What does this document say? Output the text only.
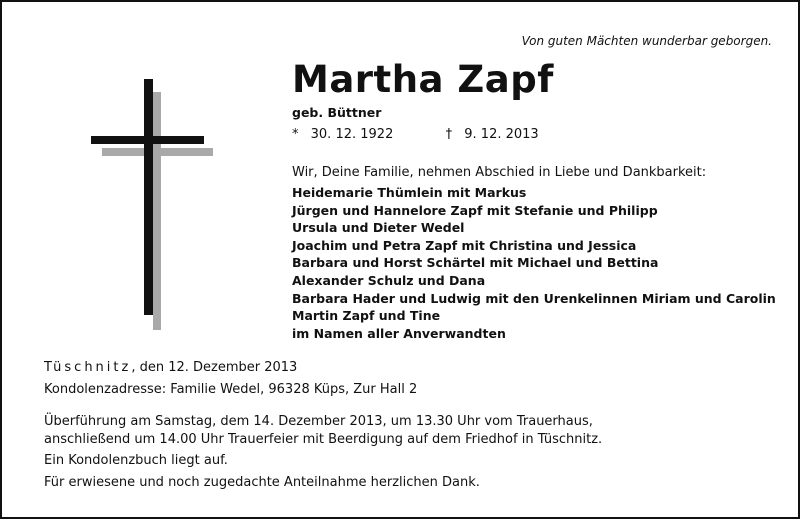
Von guten Mächten wunderbar geborgen.
Martha Zapf
geb. Büttner
* 30. 12. 1922	† 9. 12. 2013
Wir, Deine Familie, nehmen Abschied in Liebe und Dankbarkeit:
Heidemarie Thümlein mit Markus
Jürgen und Hannelore Zapf mit Stefanie und Philipp
Ursula und Dieter Wedel
Joachim und Petra Zapf mit Christina und Jessica
Barbara und Horst Schärtel mit Michael und Bettina
Alexander Schulz und Dana
Barbara Hader und Ludwig mit den Urenkelinnen Miriam und Carolin
Martin Zapf und Tine
im Namen aller Anverwandten
Tüschnitz, den 12. Dezember 2013
Kondolenzadresse: Familie Wedel, 96328 Küps, Zur Hall 2
Überführung am Samstag, dem 14. Dezember 2013, um 13.30 Uhr vom Trauerhaus,
anschließend um 14.00 Uhr Trauerfeier mit Beerdigung auf dem Friedhof in Tüschnitz.
Ein Kondolenzbuch liegt auf.
Für erwiesene und noch zugedachte Anteilnahme herzlichen Dank.
